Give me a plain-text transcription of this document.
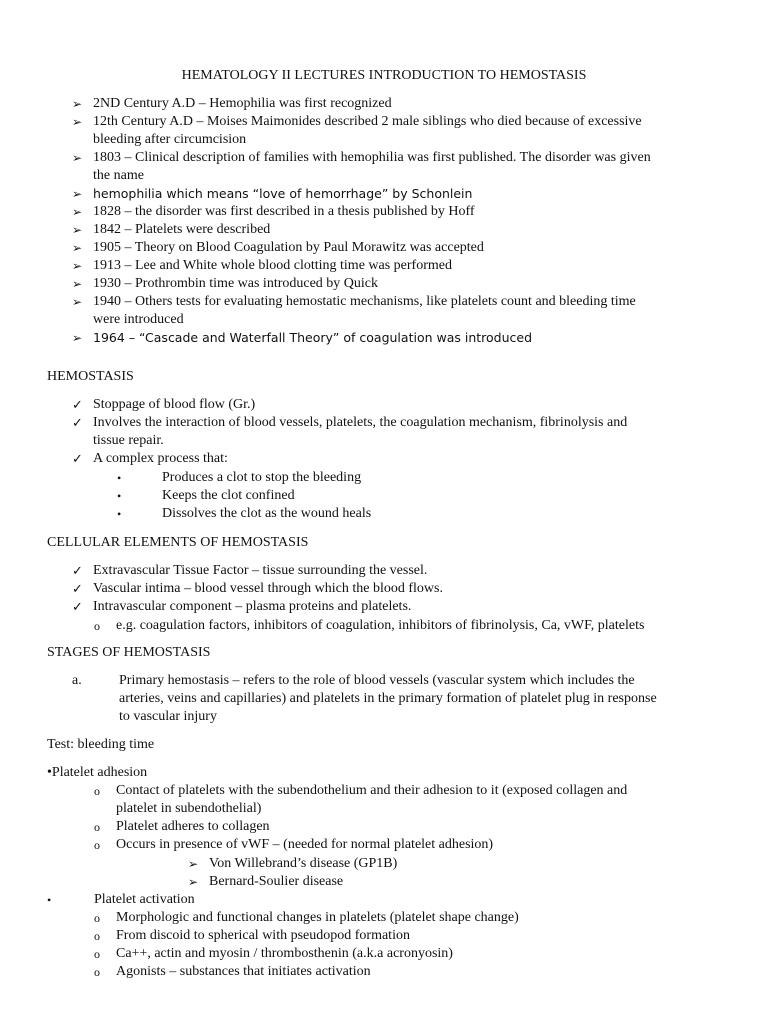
HEMATOLOGY II LECTURES INTRODUCTION TO HEMOSTASIS
➢ 2ND Century A.D – Hemophilia was first recognized
➢ 12th Century A.D – Moises Maimonides described 2 male siblings who died because of excessive
bleeding after circumcision
➢ 1803 – Clinical description of families with hemophilia was first published. The disorder was given
the name
➢ hemophilia which means “love of hemorrhage” by Schonlein
➢ 1828 – the disorder was first described in a thesis published by Hoff
➢ 1842 – Platelets were described
➢ 1905 – Theory on Blood Coagulation by Paul Morawitz was accepted
➢ 1913 – Lee and White whole blood clotting time was performed
➢ 1930 – Prothrombin time was introduced by Quick
➢ 1940 – Others tests for evaluating hemostatic mechanisms, like platelets count and bleeding time
were introduced
➢ 1964 – “Cascade and Waterfall Theory” of coagulation was introduced
HEMOSTASIS
✓ Stoppage of blood flow (Gr.)
✓ Involves the interaction of blood vessels, platelets, the coagulation mechanism, fibrinolysis and
tissue repair.
✓ A complex process that:
•	Produces a clot to stop the bleeding
•	Keeps the clot confined
•	Dissolves the clot as the wound heals
CELLULAR ELEMENTS OF HEMOSTASIS
✓ Extravascular Tissue Factor – tissue surrounding the vessel.
✓ Vascular intima – blood vessel through which the blood flows.
✓ Intravascular component – plasma proteins and platelets.
o e.g. coagulation factors, inhibitors of coagulation, inhibitors of fibrinolysis, Ca, vWF, platelets
STAGES OF HEMOSTASIS
a.	Primary hemostasis – refers to the role of blood vessels (vascular system which includes the
arteries, veins and capillaries) and platelets in the primary formation of platelet plug in response
to vascular injury
Test: bleeding time
•Platelet adhesion
o Contact of platelets with the subendothelium and their adhesion to it (exposed collagen and
platelet in subendothelial)
o Platelet adheres to collagen
o Occurs in presence of vWF – (needed for normal platelet adhesion)
➢ Von Willebrand’s disease (GP1B)
➢ Bernard-Soulier disease
•	Platelet activation
o Morphologic and functional changes in platelets (platelet shape change)
o From discoid to spherical with pseudopod formation
o Ca++, actin and myosin / thrombosthenin (a.k.a acronyosin)
o Agonists – substances that initiates activation
